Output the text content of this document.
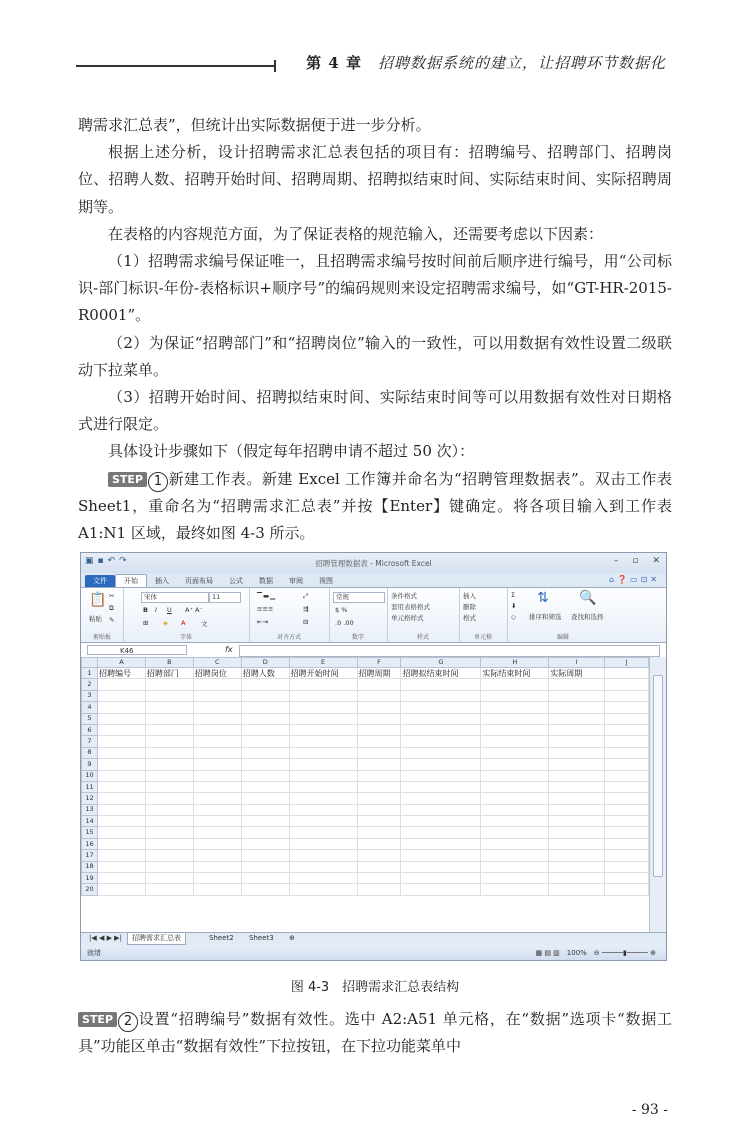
第 4 章　 招聘数据系统的建立，让招聘环节数据化

聘需求汇总表”，但统计出实际数据便于进一步分析。

根据上述分析，设计招聘需求汇总表包括的项目有：招聘编号、招聘部门、招聘岗位、招聘人数、招聘开始时间、招聘周期、招聘拟结束时间、实际结束时间、实际招聘周期等。

在表格的内容规范方面，为了保证表格的规范输入，还需要考虑以下因素：

（1）招聘需求编号保证唯一，且招聘需求编号按时间前后顺序进行编号，用“公司标识-部门标识-年份-表格标识+顺序号”的编码规则来设定招聘需求编号，如“GT-HR-2015-R0001”。

（2）为保证“招聘部门”和“招聘岗位”输入的一致性，可以用数据有效性设置二级联动下拉菜单。

（3）招聘开始时间、招聘拟结束时间、实际结束时间等可以用数据有效性对日期格式进行限定。

具体设计步骤如下（假定每年招聘申请不超过 50 次）：

STEP 1 新建工作表。新建 Excel 工作簿并命名为“招聘管理数据表”。双击工作表 Sheet1，重命名为“招聘需求汇总表”并按【Enter】键确定。将各项目输入到工作表 A1:N1 区域，最终如图 4-3 所示。

▣ ▪ ↶ ↷	招聘管理数据表 - Microsoft Excel	– ▫ ✕
文件	开始	插入	页面布局	公式	数据	审阅	视图	⌂❓▭⊡✕
📋
粘贴
✂
⧉
✎
剪贴板
宋体	11
B I U A⁺ A⁻
⊞ ◈ A 文
字体
▔▬▁	⤢
≡≡≡	⇶
⇤⇥	⊟
对齐方式
常规
$ %
.0 .00
数字
条件格式
套用表格格式
单元格样式
样式
插入
删除
格式
单元格
Σ
⬇
◇
⇅
排序和筛选
🔍
查找和选择
编辑
K46	fx
	A	B	C	D	E	F	G	H	I	J
1	招聘编号	招聘部门	招聘岗位	招聘人数	招聘开始时间	招聘周期	招聘拟结束时间	实际结束时间	实际周期	
2										
3										
4										
5										
6										
7										
8										
9										
10										
11										
12										
13										
14										
15										
16										
17										
18										
19										
20										
|◀ ◀ ▶ ▶|	招聘需求汇总表	Sheet2	Sheet3	⊕
就绪	▦ ▤ ▥　100%　⊖ ─────▮───── ⊕
图 4-3　招聘需求汇总表结构

STEP 2 设置“招聘编号”数据有效性。选中 A2:A51 单元格，在“数据”选项卡“数据工具”功能区单击“数据有效性”下拉按钮，在下拉功能菜单中

- 93 -
